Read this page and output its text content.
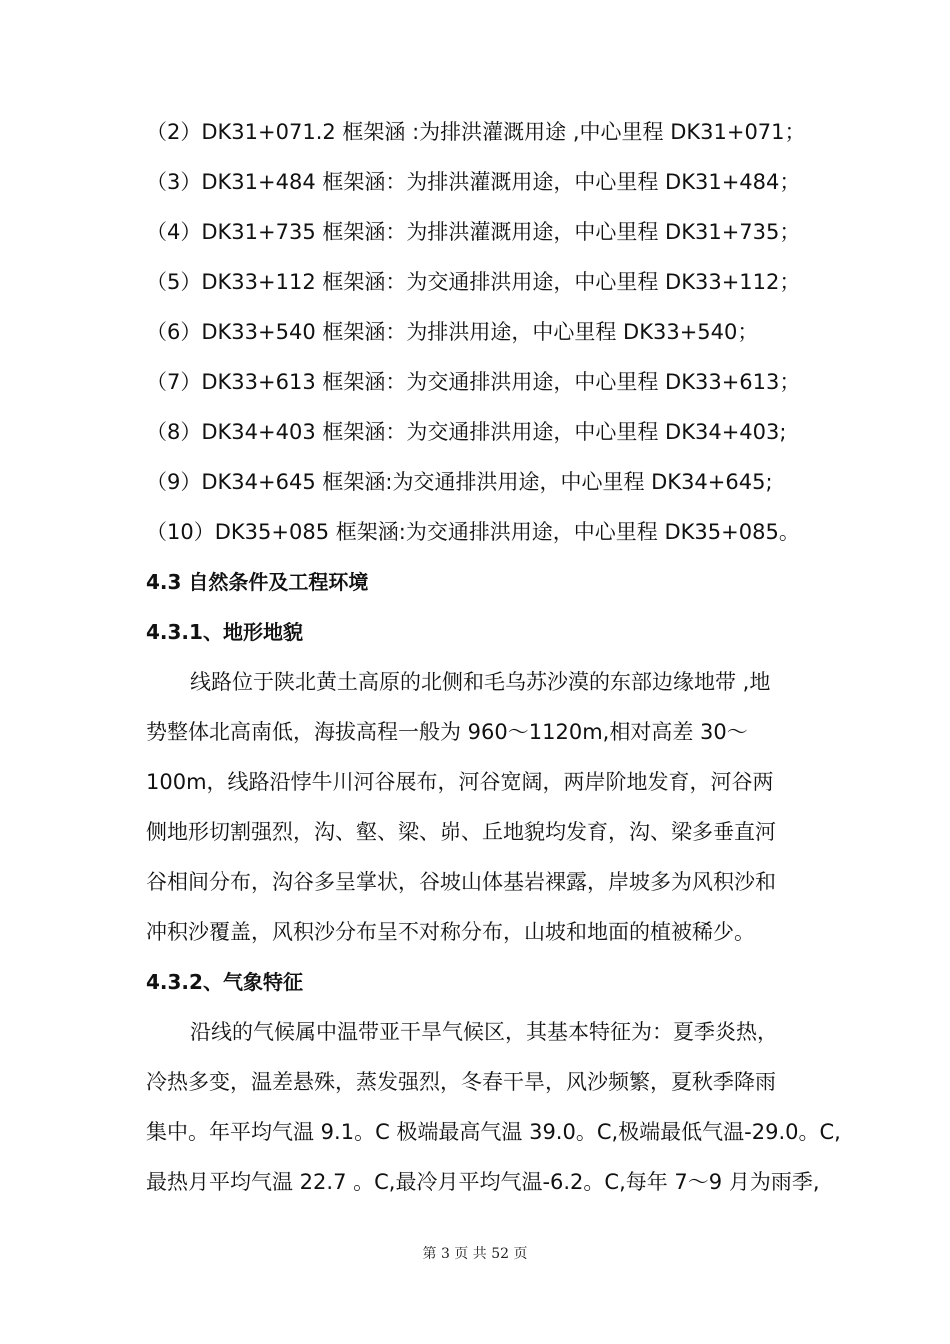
（2）DK31+071.2 框架涵 :为排洪灌溉用途 ,中心里程 DK31+071；
（3）DK31+484 框架涵：为排洪灌溉用途，中心里程 DK31+484；
（4）DK31+735 框架涵：为排洪灌溉用途，中心里程 DK31+735；
（5）DK33+112 框架涵：为交通排洪用途，中心里程 DK33+112；
（6）DK33+540 框架涵：为排洪用途，中心里程 DK33+540；
（7）DK33+613 框架涵：为交通排洪用途，中心里程 DK33+613；
（8）DK34+403 框架涵：为交通排洪用途，中心里程 DK34+403;
（9）DK34+645 框架涵:为交通排洪用途，中心里程 DK34+645;
（10）DK35+085 框架涵:为交通排洪用途，中心里程 DK35+085。
4.3 自然条件及工程环境
4.3.1、地形地貌
线路位于陕北黄土高原的北侧和毛乌苏沙漠的东部边缘地带 ,地
势整体北高南低，海拔高程一般为 960～1120m,相对高差 30～
100m，线路沿悖牛川河谷展布，河谷宽阔，两岸阶地发育，河谷两
侧地形切割强烈，沟、壑、梁、峁、丘地貌均发育，沟、梁多垂直河
谷相间分布，沟谷多呈掌状，谷坡山体基岩裸露，岸坡多为风积沙和
冲积沙覆盖，风积沙分布呈不对称分布，山坡和地面的植被稀少。
4.3.2、气象特征
沿线的气候属中温带亚干旱气候区，其基本特征为：夏季炎热，
冷热多变，温差悬殊，蒸发强烈，冬春干旱，风沙频繁，夏秋季降雨
集中。年平均气温 9.1。C 极端最高气温 39.0。C,极端最低气温-29.0。C,
最热月平均气温 22.7 。C,最冷月平均气温-6.2。C,每年 7～9 月为雨季,
第 3 页 共 52 页
